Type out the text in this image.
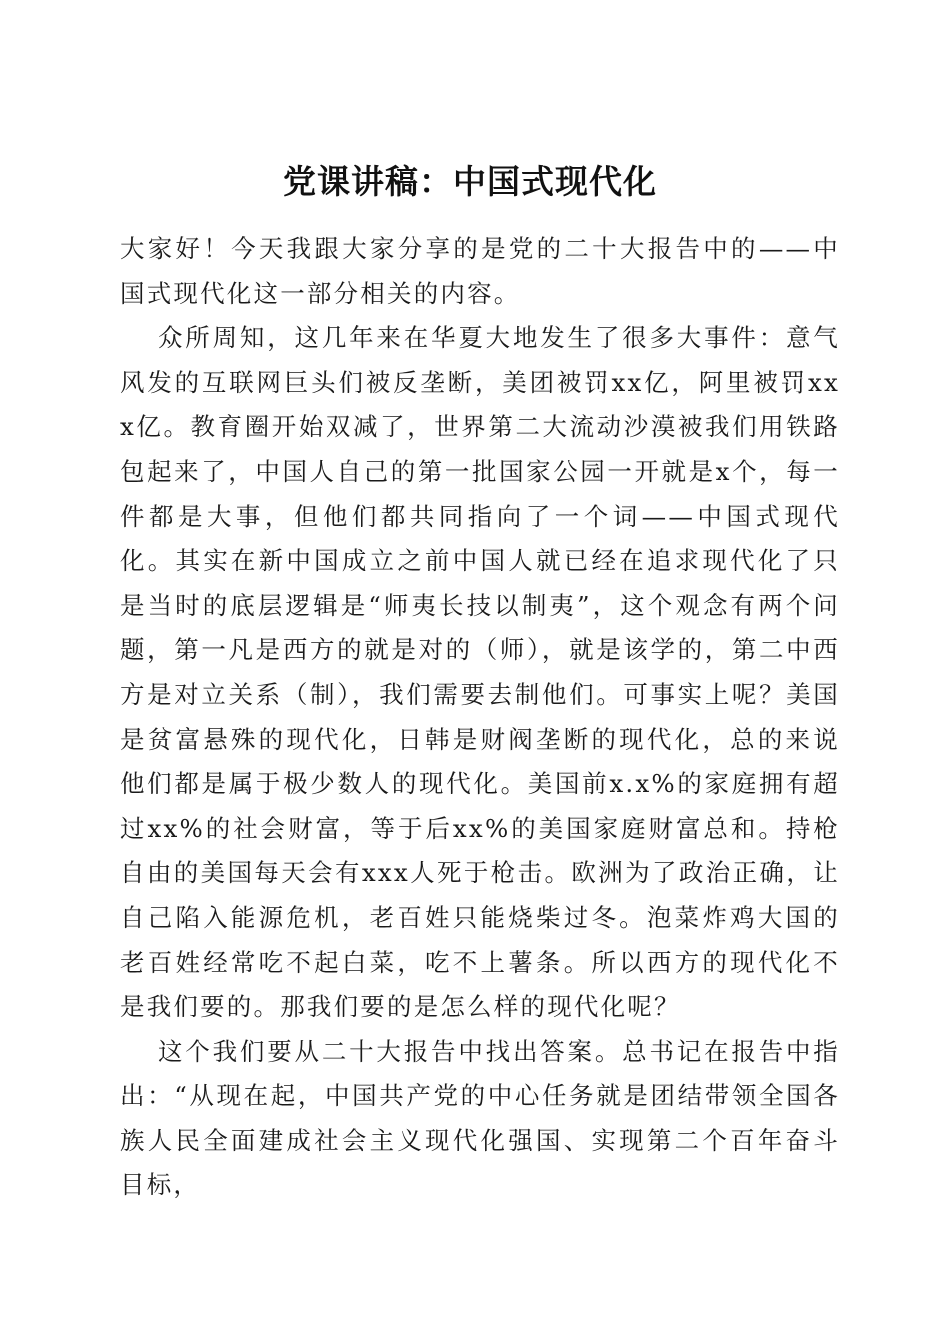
党课讲稿：中国式现代化

大家好！今天我跟大家分享的是党的二十大报告中的——中国式现代化这一部分相关的内容。

众所周知，这几年来在华夏大地发生了很多大事件：意气风发的互联网巨头们被反垄断，美团被罚xx亿，阿里被罚xxx亿。教育圈开始双减了，世界第二大流动沙漠被我们用铁路包起来了，中国人自己的第一批国家公园一开就是x个，每一件都是大事，但他们都共同指向了一个词——中国式现代化。其实在新中国成立之前中国人就已经在追求现代化了只是当时的底层逻辑是“师夷长技以制夷”，这个观念有两个问题，第一凡是西方的就是对的（师），就是该学的，第二中西方是对立关系（制），我们需要去制他们。可事实上呢？美国是贫富悬殊的现代化，日韩是财阀垄断的现代化，总的来说他们都是属于极少数人的现代化。美国前x.x%的家庭拥有超过xx%的社会财富，等于后xx%的美国家庭财富总和。持枪自由的美国每天会有xxx人死于枪击。欧洲为了政治正确，让自己陷入能源危机，老百姓只能烧柴过冬。泡菜炸鸡大国的老百姓经常吃不起白菜，吃不上薯条。所以西方的现代化不是我们要的。那我们要的是怎么样的现代化呢？

这个我们要从二十大报告中找出答案。总书记在报告中指出：“从现在起，中国共产党的中心任务就是团结带领全国各族人民全面建成社会主义现代化强国、实现第二个百年奋斗目标，
